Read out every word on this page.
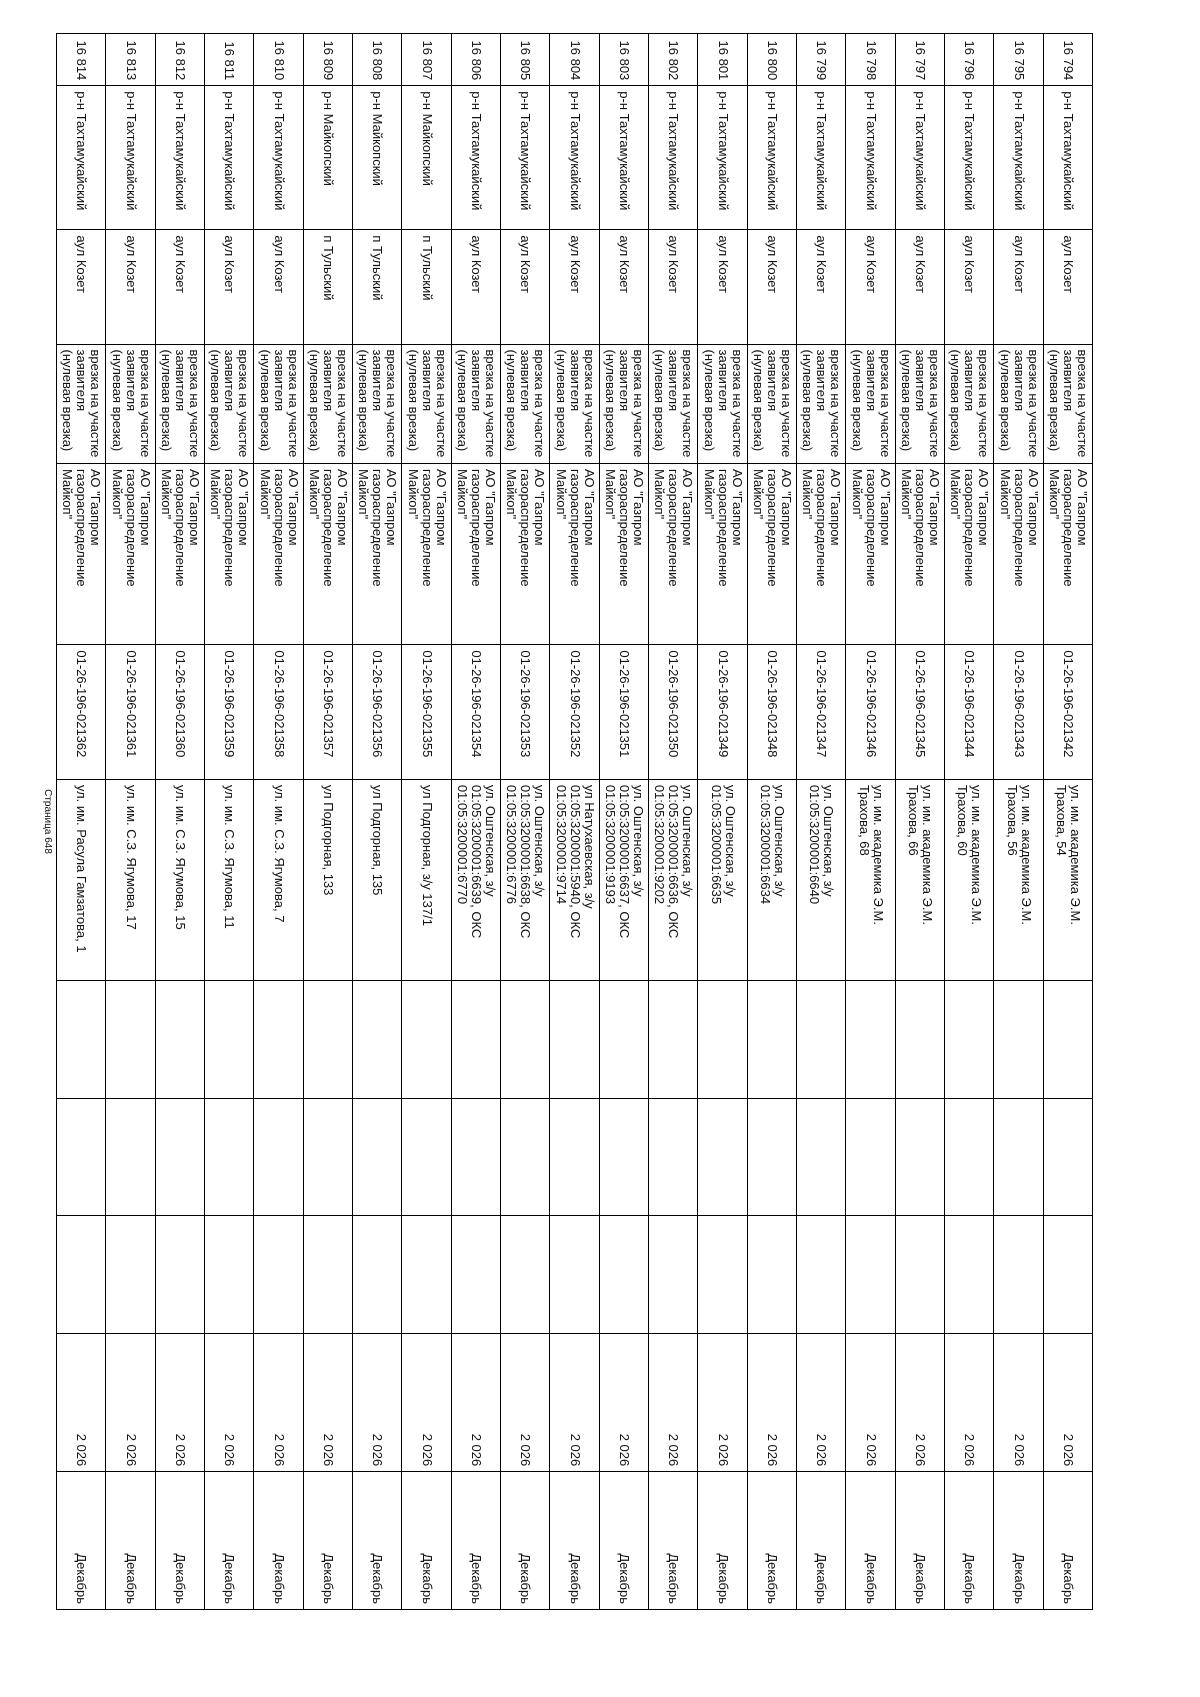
16 794	р-н Тахтамукайский	аул Козет	врезка на участке заявителя (нулевая врезка)	АО "Газпром газораспределение Майкоп"	01-26-196-021342	ул. им. академика Э.М. Трахова, 54				2 026	Декабрь
16 795	р-н Тахтамукайский	аул Козет	врезка на участке заявителя (нулевая врезка)	АО "Газпром газораспределение Майкоп"	01-26-196-021343	ул. им. академика Э.М. Трахова, 56				2 026	Декабрь
16 796	р-н Тахтамукайский	аул Козет	врезка на участке заявителя (нулевая врезка)	АО "Газпром газораспределение Майкоп"	01-26-196-021344	ул. им. академика Э.М. Трахова, 60				2 026	Декабрь
16 797	р-н Тахтамукайский	аул Козет	врезка на участке заявителя (нулевая врезка)	АО "Газпром газораспределение Майкоп"	01-26-196-021345	ул. им. академика Э.М. Трахова, 66				2 026	Декабрь
16 798	р-н Тахтамукайский	аул Козет	врезка на участке заявителя (нулевая врезка)	АО "Газпром газораспределение Майкоп"	01-26-196-021346	ул. им. академика Э.М. Трахова, 68				2 026	Декабрь
16 799	р-н Тахтамукайский	аул Козет	врезка на участке заявителя (нулевая врезка)	АО "Газпром газораспределение Майкоп"	01-26-196-021347	ул. Оштенская, з/у 01:05:3200001:6640				2 026	Декабрь
16 800	р-н Тахтамукайский	аул Козет	врезка на участке заявителя (нулевая врезка)	АО "Газпром газораспределение Майкоп"	01-26-196-021348	ул. Оштенская, з/у 01:05:3200001:6634				2 026	Декабрь
16 801	р-н Тахтамукайский	аул Козет	врезка на участке заявителя (нулевая врезка)	АО "Газпром газораспределение Майкоп"	01-26-196-021349	ул. Оштенская, з/у 01:05:3200001:6635				2 026	Декабрь
16 802	р-н Тахтамукайский	аул Козет	врезка на участке заявителя (нулевая врезка)	АО "Газпром газораспределение Майкоп"	01-26-196-021350	ул. Оштенская, з/у 01:05:3200001:6636, ОКС 01:05:3200001:9202				2 026	Декабрь
16 803	р-н Тахтамукайский	аул Козет	врезка на участке заявителя (нулевая врезка)	АО "Газпром газораспределение Майкоп"	01-26-196-021351	ул. Оштенская, з/у 01:05:3200001:6637, ОКС 01:05:3200001:9193				2 026	Декабрь
16 804	р-н Тахтамукайский	аул Козет	врезка на участке заявителя (нулевая врезка)	АО "Газпром газораспределение Майкоп"	01-26-196-021352	ул Натухаевская, з/у 01:05:3200001:5940, ОКС 01:05:3200001:9714				2 026	Декабрь
16 805	р-н Тахтамукайский	аул Козет	врезка на участке заявителя (нулевая врезка)	АО "Газпром газораспределение Майкоп"	01-26-196-021353	ул. Оштенская, з/у 01:05:3200001:6638, ОКС 01:05:3200001:6776				2 026	Декабрь
16 806	р-н Тахтамукайский	аул Козет	врезка на участке заявителя (нулевая врезка)	АО "Газпром газораспределение Майкоп"	01-26-196-021354	ул. Оштенская, з/у 01:05:3200001:6639, ОКС 01:05:3200001:6770				2 026	Декабрь
16 807	р-н Майкопский	п Тульский	врезка на участке заявителя (нулевая врезка)	АО "Газпром газораспределение Майкоп"	01-26-196-021355	ул Подгорная, з/у 137/1				2 026	Декабрь
16 808	р-н Майкопский	п Тульский	врезка на участке заявителя (нулевая врезка)	АО "Газпром газораспределение Майкоп"	01-26-196-021356	ул Подгорная, 135				2 026	Декабрь
16 809	р-н Майкопский	п Тульский	врезка на участке заявителя (нулевая врезка)	АО "Газпром газораспределение Майкоп"	01-26-196-021357	ул Подгорная, 133				2 026	Декабрь
16 810	р-н Тахтамукайский	аул Козет	врезка на участке заявителя (нулевая врезка)	АО "Газпром газораспределение Майкоп"	01-26-196-021358	ул. им. С.З. Ягумова, 7				2 026	Декабрь
16 811	р-н Тахтамукайский	аул Козет	врезка на участке заявителя (нулевая врезка)	АО "Газпром газораспределение Майкоп"	01-26-196-021359	ул. им. С.З. Ягумова, 11				2 026	Декабрь
16 812	р-н Тахтамукайский	аул Козет	врезка на участке заявителя (нулевая врезка)	АО "Газпром газораспределение Майкоп"	01-26-196-021360	ул. им. С.З. Ягумова, 15				2 026	Декабрь
16 813	р-н Тахтамукайский	аул Козет	врезка на участке заявителя (нулевая врезка)	АО "Газпром газораспределение Майкоп"	01-26-196-021361	ул. им. С.З. Ягумова, 17				2 026	Декабрь
16 814	р-н Тахтамукайский	аул Козет	врезка на участке заявителя (нулевая врезка)	АО "Газпром газораспределение Майкоп"	01-26-196-021362	ул. им. Расула Гамзатова, 1				2 026	Декабрь
Страница 648
